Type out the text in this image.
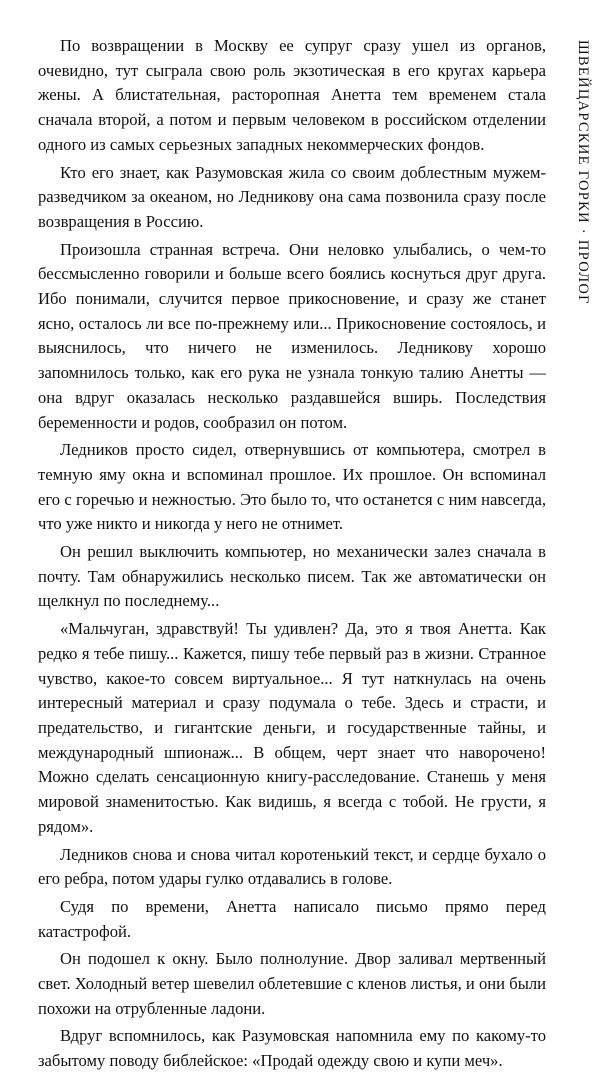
По возвращении в Москву ее супруг сразу ушел из органов, очевидно, тут сыграла свою роль экзотическая в его кругах карьера жены. А блистательная, расторопная Анетта тем временем стала сначала второй, а потом и первым человеком в российском отделении одного из самых серьезных западных некоммерческих фондов.

Кто его знает, как Разумовская жила со своим доблестным мужем-разведчиком за океаном, но Ледникову она сама позвонила сразу после возвращения в Россию.

Произошла странная встреча. Они неловко улыбались, о чем-то бессмысленно говорили и больше всего боялись коснуться друг друга. Ибо понимали, случится первое прикосновение, и сразу же станет ясно, осталось ли все по-прежнему или... Прикосновение состоялось, и выяснилось, что ничего не изменилось. Ледникову хорошо запомнилось только, как его рука не узнала тонкую талию Анетты — она вдруг оказалась несколько раздавшейся вширь. Последствия беременности и родов, сообразил он потом.

Ледников просто сидел, отвернувшись от компьютера, смотрел в темную яму окна и вспоминал прошлое. Их прошлое. Он вспоминал его с горечью и нежностью. Это было то, что останется с ним навсегда, что уже никто и никогда у него не отнимет.

Он решил выключить компьютер, но механически залез сначала в почту. Там обнаружились несколько писем. Так же автоматически он щелкнул по последнему...

«Мальчуган, здравствуй! Ты удивлен? Да, это я твоя Анетта. Как редко я тебе пишу... Кажется, пишу тебе первый раз в жизни. Странное чувство, какое-то совсем виртуальное... Я тут наткнулась на очень интересный материал и сразу подумала о тебе. Здесь и страсти, и предательство, и гигантские деньги, и государственные тайны, и международный шпионаж... В общем, черт знает что наворочено! Можно сделать сенсационную книгу-расследование. Станешь у меня мировой знаменитостью. Как видишь, я всегда с тобой. Не грусти, я рядом».

Ледников снова и снова читал коротенький текст, и сердце бухало о его ребра, потом удары гулко отдавались в голове.

Судя по времени, Анетта написало письмо прямо перед катастрофой.

Он подошел к окну. Было полнолуние. Двор заливал мертвенный свет. Холодный ветер шевелил облетевшие с кленов листья, и они были похожи на отрубленные ладони.

Вдруг вспомнилось, как Разумовская напомнила ему по какому-то забытому поводу библейское: «Продай одежду свою и купи меч».

ШВЕЙЦАРСКИЕ ГОРКИ · ПРОЛОГ
